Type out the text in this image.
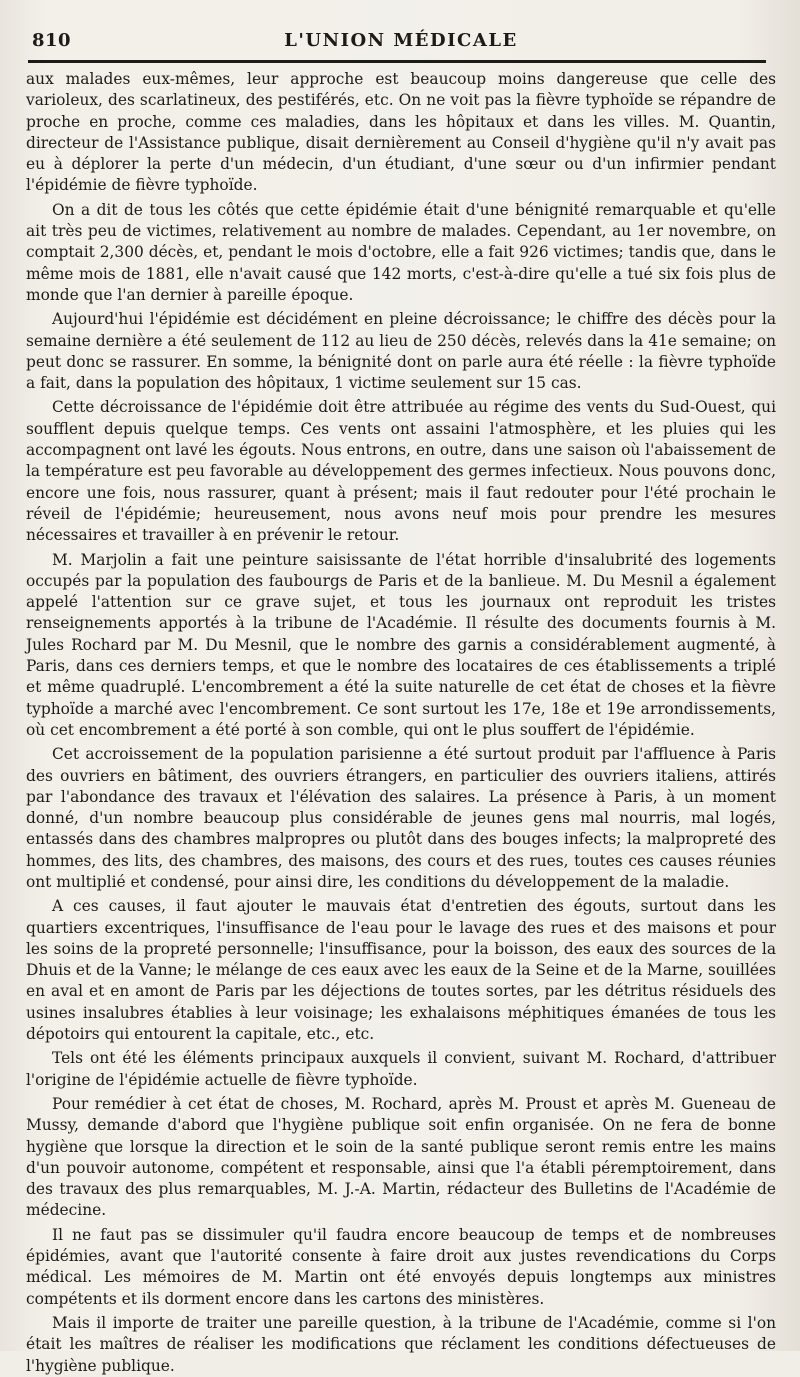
810	L'UNION MÉDICALE

aux malades eux-mêmes, leur approche est beaucoup moins dangereuse que celle des varioleux, des scarlatineux, des pestiférés, etc. On ne voit pas la fièvre typhoïde se répandre de proche en proche, comme ces maladies, dans les hôpitaux et dans les villes. M. Quantin, directeur de l'Assistance publique, disait dernièrement au Conseil d'hygiène qu'il n'y avait pas eu à déplorer la perte d'un médecin, d'un étudiant, d'une sœur ou d'un infirmier pendant l'épidémie de fièvre typhoïde.

On a dit de tous les côtés que cette épidémie était d'une bénignité remarquable et qu'elle ait très peu de victimes, relativement au nombre de malades. Cependant, au 1er novembre, on comptait 2,300 décès, et, pendant le mois d'octobre, elle a fait 926 victimes; tandis que, dans le même mois de 1881, elle n'avait causé que 142 morts, c'est-à-dire qu'elle a tué six fois plus de monde que l'an dernier à pareille époque.

Aujourd'hui l'épidémie est décidément en pleine décroissance; le chiffre des décès pour la semaine dernière a été seulement de 112 au lieu de 250 décès, relevés dans la 41e semaine; on peut donc se rassurer. En somme, la bénignité dont on parle aura été réelle : la fièvre typhoïde a fait, dans la population des hôpitaux, 1 victime seulement sur 15 cas.

Cette décroissance de l'épidémie doit être attribuée au régime des vents du Sud-Ouest, qui soufflent depuis quelque temps. Ces vents ont assaini l'atmosphère, et les pluies qui les accompagnent ont lavé les égouts. Nous entrons, en outre, dans une saison où l'abaissement de la température est peu favorable au développement des germes infectieux. Nous pouvons donc, encore une fois, nous rassurer, quant à présent; mais il faut redouter pour l'été prochain le réveil de l'épidémie; heureusement, nous avons neuf mois pour prendre les mesures nécessaires et travailler à en prévenir le retour.

M. Marjolin a fait une peinture saisissante de l'état horrible d'insalubrité des logements occupés par la population des faubourgs de Paris et de la banlieue. M. Du Mesnil a également appelé l'attention sur ce grave sujet, et tous les journaux ont reproduit les tristes renseignements apportés à la tribune de l'Académie. Il résulte des documents fournis à M. Jules Rochard par M. Du Mesnil, que le nombre des garnis a considérablement augmenté, à Paris, dans ces derniers temps, et que le nombre des locataires de ces établissements a triplé et même quadruplé. L'encombrement a été la suite naturelle de cet état de choses et la fièvre typhoïde a marché avec l'encombrement. Ce sont surtout les 17e, 18e et 19e arrondissements, où cet encombrement a été porté à son comble, qui ont le plus souffert de l'épidémie.

Cet accroissement de la population parisienne a été surtout produit par l'affluence à Paris des ouvriers en bâtiment, des ouvriers étrangers, en particulier des ouvriers italiens, attirés par l'abondance des travaux et l'élévation des salaires. La présence à Paris, à un moment donné, d'un nombre beaucoup plus considérable de jeunes gens mal nourris, mal logés, entassés dans des chambres malpropres ou plutôt dans des bouges infects; la malpropreté des hommes, des lits, des chambres, des maisons, des cours et des rues, toutes ces causes réunies ont multiplié et condensé, pour ainsi dire, les conditions du développement de la maladie.

A ces causes, il faut ajouter le mauvais état d'entretien des égouts, surtout dans les quartiers excentriques, l'insuffisance de l'eau pour le lavage des rues et des maisons et pour les soins de la propreté personnelle; l'insuffisance, pour la boisson, des eaux des sources de la Dhuis et de la Vanne; le mélange de ces eaux avec les eaux de la Seine et de la Marne, souillées en aval et en amont de Paris par les déjections de toutes sortes, par les détritus résiduels des usines insalubres établies à leur voisinage; les exhalaisons méphitiques émanées de tous les dépotoirs qui entourent la capitale, etc., etc.

Tels ont été les éléments principaux auxquels il convient, suivant M. Rochard, d'attribuer l'origine de l'épidémie actuelle de fièvre typhoïde.

Pour remédier à cet état de choses, M. Rochard, après M. Proust et après M. Gueneau de Mussy, demande d'abord que l'hygiène publique soit enfin organisée. On ne fera de bonne hygiène que lorsque la direction et le soin de la santé publique seront remis entre les mains d'un pouvoir autonome, compétent et responsable, ainsi que l'a établi péremptoirement, dans des travaux des plus remarquables, M. J.-A. Martin, rédacteur des Bulletins de l'Académie de médecine.

Il ne faut pas se dissimuler qu'il faudra encore beaucoup de temps et de nombreuses épidémies, avant que l'autorité consente à faire droit aux justes revendications du Corps médical. Les mémoires de M. Martin ont été envoyés depuis longtemps aux ministres compétents et ils dorment encore dans les cartons des ministères.

Mais il importe de traiter une pareille question, à la tribune de l'Académie, comme si l'on était les maîtres de réaliser les modifications que réclament les conditions défectueuses de l'hygiène publique.
